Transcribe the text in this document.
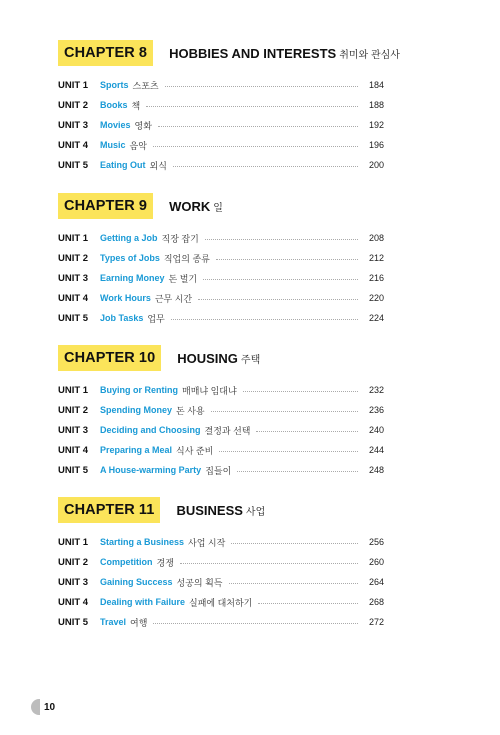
CHAPTER 8	HOBBIES AND INTERESTS 취미와 관심사
UNIT 1	Sports 스포츠	184
UNIT 2	Books 책	188
UNIT 3	Movies 영화	192
UNIT 4	Music 음악	196
UNIT 5	Eating Out 외식	200
CHAPTER 9	WORK 일
UNIT 1	Getting a Job 직장 잡기	208
UNIT 2	Types of Jobs 직업의 종류	212
UNIT 3	Earning Money 돈 벌기	216
UNIT 4	Work Hours 근무 시간	220
UNIT 5	Job Tasks 업무	224
CHAPTER 10	HOUSING 주택
UNIT 1	Buying or Renting 매매냐 임대냐	232
UNIT 2	Spending Money 돈 사용	236
UNIT 3	Deciding and Choosing 결정과 선택	240
UNIT 4	Preparing a Meal 식사 준비	244
UNIT 5	A House-warming Party 집들이	248
CHAPTER 11	BUSINESS 사업
UNIT 1	Starting a Business 사업 시작	256
UNIT 2	Competition 경쟁	260
UNIT 3	Gaining Success 성공의 획득	264
UNIT 4	Dealing with Failure 실패에 대처하기	268
UNIT 5	Travel 여행	272
10
